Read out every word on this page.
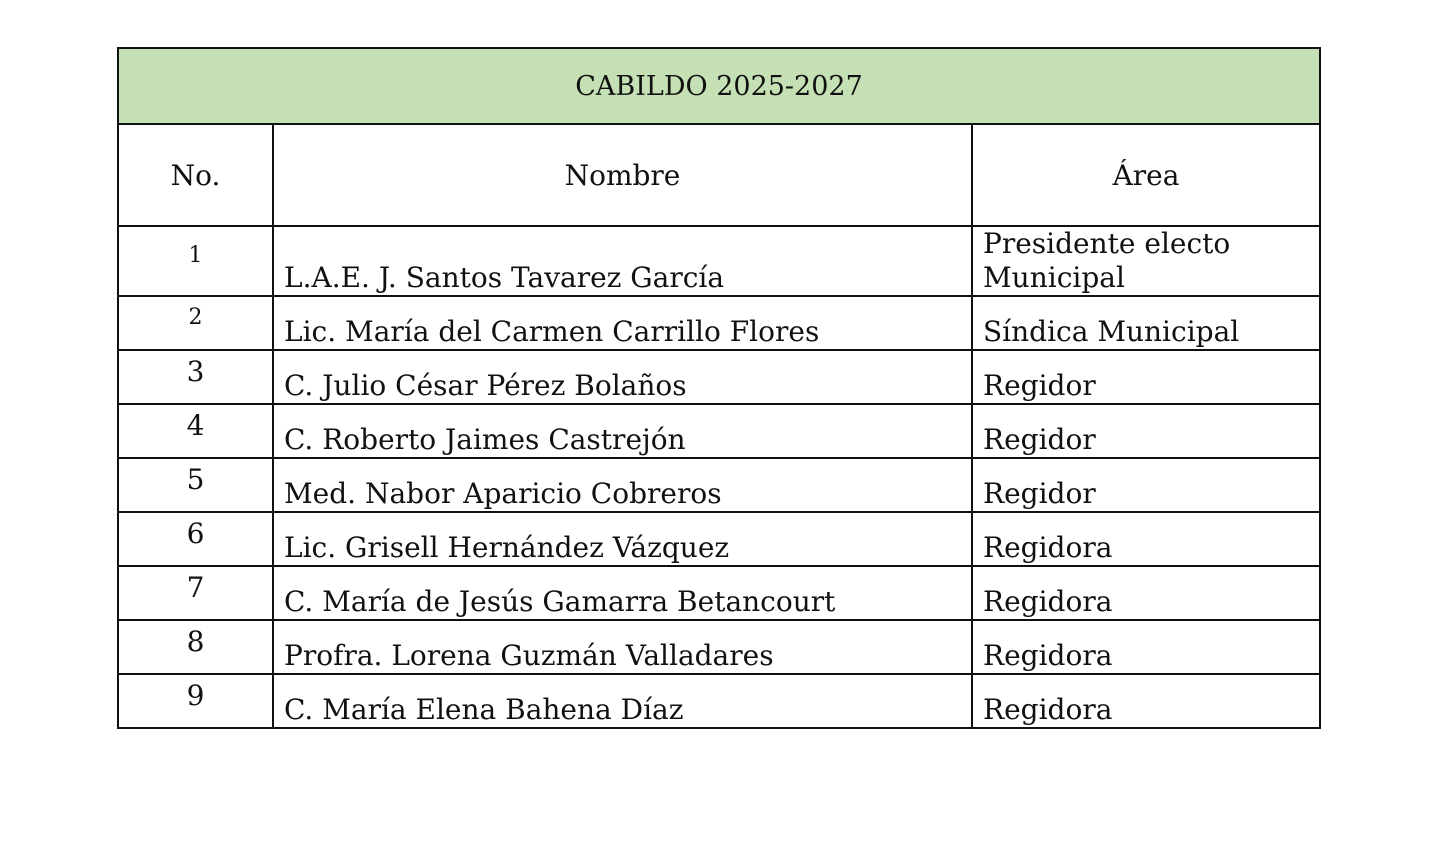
CABILDO 2025-2027		
No.	Nombre	Área
1	L.A.E. J. Santos Tavarez García	Presidente electo
Municipal

2	Lic. María del Carmen Carrillo Flores	Síndica Municipal
3	C. Julio César Pérez Bolaños	Regidor
4	C. Roberto Jaimes Castrejón	Regidor
5	Med. Nabor Aparicio Cobreros	Regidor
6	Lic. Grisell Hernández Vázquez	Regidora
7	C. María de Jesús Gamarra Betancourt	Regidora
8	Profra. Lorena Guzmán Valladares	Regidora
9	C. María Elena Bahena Díaz	Regidora
